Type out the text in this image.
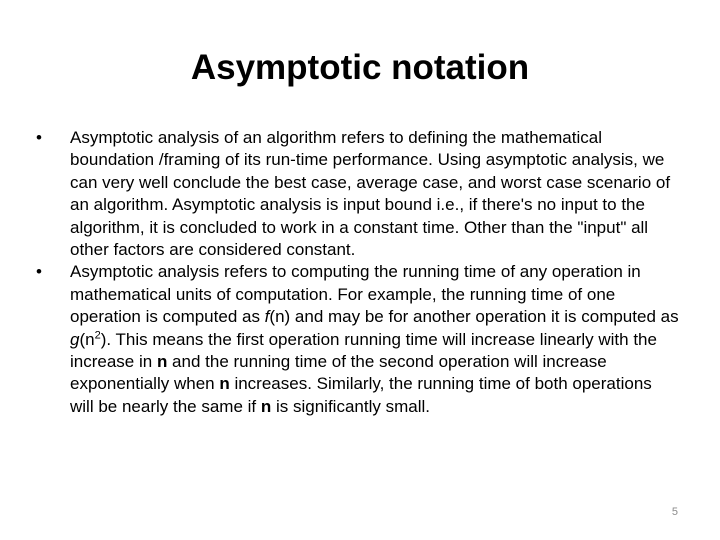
Asymptotic notation
•	Asymptotic analysis of an algorithm refers to defining the mathematical boundation /framing of its run-time performance. Using asymptotic analysis, we can very well conclude the best case, average case, and worst case scenario of an algorithm. Asymptotic analysis is input bound i.e., if there's no input to the algorithm, it is concluded to work in a constant time. Other than the "input" all other factors are considered constant.
•	Asymptotic analysis refers to computing the running time of any operation in mathematical units of computation. For example, the running time of one operation is computed as f(n) and may be for another operation it is computed as $g(n^2)$. This means the first operation running time will increase linearly with the increase in n and the running time of the second operation will increase exponentially when n increases. Similarly, the running time of both operations will be nearly the same if n is significantly small.
5
